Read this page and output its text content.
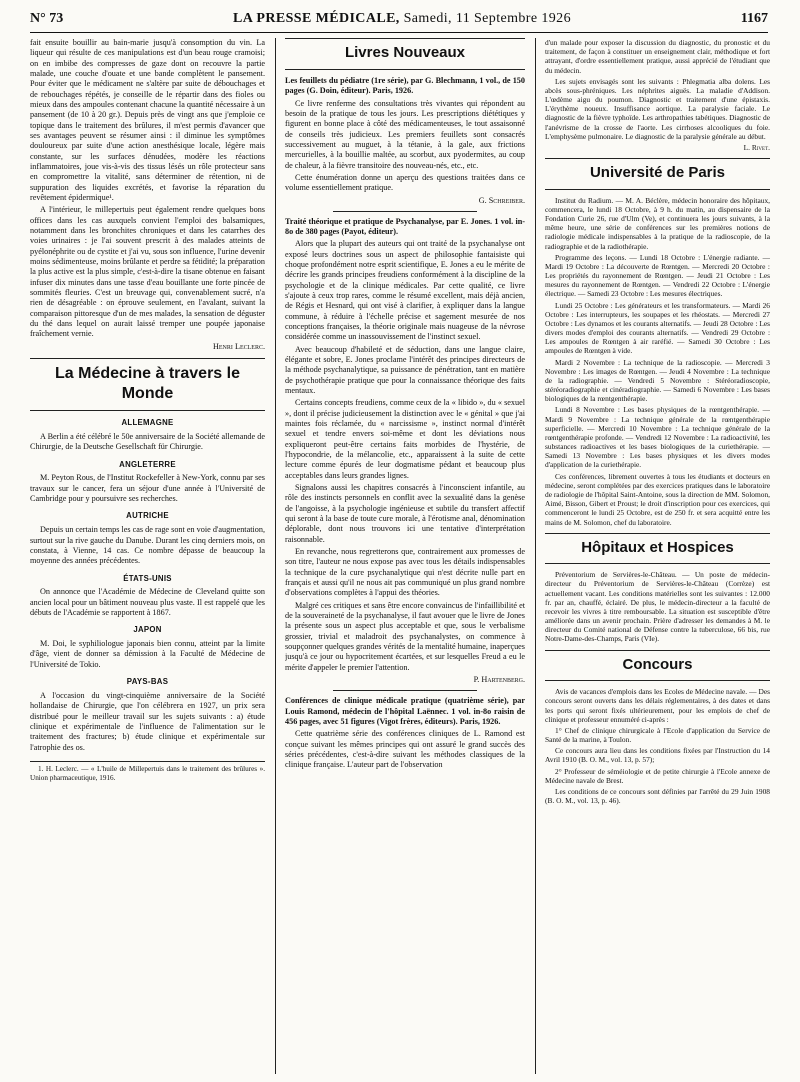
N° 73	LA PRESSE MÉDICALE, Samedi, 11 Septembre 1926	1167

fait ensuite bouillir au bain-marie jusqu'à consomption du vin. La liqueur qui résulte de ces manipulations est d'un beau rouge cramoisi; on en imbibe des compresses de gaze dont on recouvre la partie malade, une couche d'ouate et une bande complètent le pansement. Pour éviter que le médicament ne s'altère par suite de débouchages et de rebouchages répétés, je conseille de le répartir dans des fioles ou mieux dans des ampoules contenant chacune la quantité nécessaire à un pansement (de 10 à 20 gr.). Depuis près de vingt ans que j'emploie ce topique dans le traitement des brûlures, il m'est permis d'avancer que ses avantages peuvent se résumer ainsi : il diminue les symptômes douloureux par suite d'une action anesthésique locale, légère mais constante, sur les surfaces dénudées, modère les réactions inflammatoires, joue vis-à-vis des tissus lésés un rôle protecteur sans en compromettre la vitalité, sans déterminer de rétention, ni de suppuration des liquides excrétés, et favorise la réparation du revêtement épidermique¹.

A l'intérieur, le millepertuis peut également rendre quelques bons offices dans les cas auxquels convient l'emploi des balsamiques, notamment dans les bronchites chroniques et dans les catarrhes des voies urinaires : je l'ai souvent prescrit à des malades atteints de pyélonéphrite ou de cystite et j'ai vu, sous son influence, l'urine devenir moins sédimenteuse, moins brûlante et perdre sa fétidité; la préparation la plus active est la plus simple, c'est-à-dire la tisane obtenue en faisant infuser dix minutes dans une tasse d'eau bouillante une forte pincée de sommités fleuries. C'est un breuvage qui, convenablement sucré, n'a rien de désagréable : on éprouve seulement, en l'avalant, suivant la comparaison pittoresque d'un de mes malades, la sensation de déguster du thé dans lequel on aurait laissé tremper une poupée japonaise fraîchement vernie.

Henri Leclerc.
La Médecine à travers le Monde
ALLEMAGNE

A Berlin a été célébré le 50e anniversaire de la Société allemande de Chirurgie, de la Deutsche Gesellschaft für Chirurgie.

ANGLETERRE

M. Peyton Rous, de l'Institut Rockefeller à New-York, connu par ses travaux sur le cancer, fera un séjour d'une année à l'Université de Cambridge pour y poursuivre ses recherches.

AUTRICHE

Depuis un certain temps les cas de rage sont en voie d'augmentation, surtout sur la rive gauche du Danube. Durant les cinq derniers mois, on constata, à Vienne, 14 cas. Ce nombre dépasse de beaucoup la moyenne des années précédentes.

ÉTATS-UNIS

On annonce que l'Académie de Médecine de Cleveland quitte son ancien local pour un bâtiment nouveau plus vaste. Il est rappelé que les débuts de l'Académie se rapportent à 1867.

JAPON

M. Doi, le syphiliologue japonais bien connu, atteint par la limite d'âge, vient de donner sa démission à la Faculté de Médecine de l'Université de Tokio.

PAYS-BAS

A l'occasion du vingt-cinquième anniversaire de la Société hollandaise de Chirurgie, que l'on célébrera en 1927, un prix sera distribué pour le meilleur travail sur les sujets suivants : a) étude clinique et expérimentale de l'influence de l'alimentation sur le traitement des fractures; b) étude clinique et expérimentale sur l'atrophie des os.

1. H. Leclerc. — « L'huile de Millepertuis dans le traitement des brûlures ». Union pharmaceutique, 1916.
Livres Nouveaux

Les feuillets du pédiatre (1re série), par G. Blechmann, 1 vol., de 150 pages (G. Doin, éditeur). Paris, 1926.

Ce livre renferme des consultations très vivantes qui répondent au besoin de la pratique de tous les jours. Les prescriptions diététiques y figurent en bonne place à côté des médicamenteuses, le tout assaisonné de conseils très judicieux. Les premiers feuillets sont consacrés successivement au muguet, à la tétanie, à la gale, aux frictions mercurielles, à la bouillie maltée, au scorbut, aux pyodermites, au coup de chaleur, à la fièvre transitoire des nouveau-nés, etc., etc.

Cette énumération donne un aperçu des questions traitées dans ce volume essentiellement pratique.

G. Schreiber.

Traité théorique et pratique de Psychanalyse, par E. Jones. 1 vol. in-8o de 380 pages (Payot, éditeur).

Alors que la plupart des auteurs qui ont traité de la psychanalyse ont exposé leurs doctrines sous un aspect de philosophie fantaisiste qui choque profondément notre esprit scientifique, E. Jones a eu le mérite de décrire les grands principes freudiens conformément à la discipline de la psychologie et de la clinique médicales. Par cette qualité, ce livre s'ajoute à ceux trop rares, comme le résumé excellent, mais déjà ancien, de Régis et Hesnard, qui ont visé à clarifier, à expliquer dans la langue commune, à réduire à l'échelle précise et sagement mesurée de nos conceptions françaises, la théorie originale mais nuageuse de la névrose considérée comme un inassouvissement de l'instinct sexuel.

Avec beaucoup d'habileté et de séduction, dans une langue claire, élégante et sobre, E. Jones proclame l'intérêt des principes directeurs de la méthode psychanalytique, sa puissance de pénétration, tant en matière de psychothérapie pratique que pour la connaissance théorique des faits mentaux.

Certains concepts freudiens, comme ceux de la « libido », du « sexuel », dont il précise judicieusement la distinction avec le « génital » que j'ai maintes fois réclamée, du « narcissisme », instinct normal d'intérêt sexuel et tendre envers soi-même et dont les déviations nous expliqueront peut-être certains faits morbides de l'hystérie, de l'hypocondrie, de la mélancolie, etc., apparaissent à la suite de cette lecture comme épurés de leur dogmatisme pédant et beaucoup plus acceptables dans leurs grandes lignes.

Signalons aussi les chapitres consacrés à l'inconscient infantile, au rôle des instincts personnels en conflit avec la sexualité dans la genèse de l'angoisse, à la psychologie ingénieuse et subtile du transfert affectif qui seront à la base de toute cure morale, à l'érotisme anal, dénomination déplorable, dont nous trouvons ici une tentative d'interprétation raisonnable.

En revanche, nous regretterons que, contrairement aux promesses de son titre, l'auteur ne nous expose pas avec tous les détails indispensables la technique de la cure psychanalytique qui n'est décrite nulle part en français et aussi qu'il ne nous ait pas communiqué un plus grand nombre d'observations complètes à l'appui des théories.

Malgré ces critiques et sans être encore convaincus de l'infaillibilité et de la souveraineté de la psychanalyse, il faut avouer que le livre de Jones la présente sous un aspect plus acceptable et que, sous le verbalisme grossier, trivial et maladroit des psychanalystes, on commence à soupçonner quelques grandes vérités de la mentalité humaine, inaperçues jusqu'à ce jour ou hypocritement écartées, et sur lesquelles Freud a eu le mérite d'appeler le premier l'attention.

P. Hartenberg.

Conférences de clinique médicale pratique (quatrième série), par Louis Ramond, médecin de l'hôpital Laënnec. 1 vol. in-8o raisin de 456 pages, avec 51 figures (Vigot frères, éditeurs). Paris, 1926.

Cette quatrième série des conférences cliniques de L. Ramond est conçue suivant les mêmes principes qui ont assuré le grand succès des séries précédentes, c'est-à-dire suivant les méthodes classiques de la clinique française. L'auteur part de l'observation

d'un malade pour exposer la discussion du diagnostic, du pronostic et du traitement, de façon à constituer un enseignement clair, méthodique et fort attrayant, d'ordre essentiellement pratique, aussi apprécié de l'étudiant que du médecin.

Les sujets envisagés sont les suivants : Phlegmatia alba dolens. Les abcès sous-phréniques. Les néphrites aiguës. La maladie d'Addison. L'œdème aigu du poumon. Diagnostic et traitement d'une épistaxis. L'érythème noueux. Insuffisance aortique. La paralysie faciale. Le diagnostic de la fièvre typhoïde. Les arthropathies tabétiques. Diagnostic de l'anévrisme de la crosse de l'aorte. Les cirrhoses alcooliques du foie. L'emphysème pulmonaire. Le diagnostic de la paralysie générale au début.

L. Rivet.
Université de Paris

Institut du Radium. — M. A. Béclère, médecin honoraire des hôpitaux, commencera, le lundi 18 Octobre, à 9 h. du matin, au dispensaire de la Fondation Curie 26, rue d'Ulm (Ve), et continuera les jours suivants, à la même heure, une série de conférences sur les premières notions de radiologie médicale indispensables à la pratique de la radioscopie, de la radiographie et de la radiothérapie.

Programme des leçons. — Lundi 18 Octobre : L'énergie radiante. — Mardi 19 Octobre : La découverte de Rœntgen. — Mercredi 20 Octobre : Les propriétés du rayonnement de Rœntgen. — Jeudi 21 Octobre : Les mesures du rayonnement de Rœntgen. — Vendredi 22 Octobre : L'énergie électrique. — Samedi 23 Octobre : Les mesures électriques.

Lundi 25 Octobre : Les générateurs et les transformateurs. — Mardi 26 Octobre : Les interrupteurs, les soupapes et les rhéostats. — Mercredi 27 Octobre : Les dynamos et les courants alternatifs. — Jeudi 28 Octobre : Les divers modes d'emploi des courants alternatifs. — Vendredi 29 Octobre : Les ampoules de Rœntgen à air raréfié. — Samedi 30 Octobre : Les ampoules de Rœntgen à vide.

Mardi 2 Novembre : La technique de la radioscopie. — Mercredi 3 Novembre : Les images de Rœntgen. — Jeudi 4 Novembre : La technique de la radiographie. — Vendredi 5 Novembre : Stéréoradioscopie, stéréoradiographie et cinéradiographie. — Samedi 6 Novembre : Les bases biologiques de la rœntgenthérapie.

Lundi 8 Novembre : Les bases physiques de la rœntgenthérapie. — Mardi 9 Novembre : La technique générale de la rœntgenthérapie superficielle. — Mercredi 10 Novembre : La technique générale de la rœntgenthérapie profonde. — Vendredi 12 Novembre : La radioactivité, les substances radioactives et les bases biologiques de la curiethérapie. — Samedi 13 Novembre : Les bases physiques et les divers modes d'application de la curiethérapie.

Ces conférences, librement ouvertes à tous les étudiants et docteurs en médecine, seront complétées par des exercices pratiques dans le laboratoire de radiologie de l'hôpital Saint-Antoine, sous la direction de MM. Solomon, Aimé, Bisson, Gibert et Proust; le droit d'inscription pour ces exercices, qui commenceront le lundi 25 Octobre, est de 250 fr. et sera acquitté entre les mains de M. Solomon, chef du laboratoire.

Hôpitaux et Hospices

Préventorium de Servières-le-Château. — Un poste de médecin-directeur du Préventorium de Servières-le-Château (Corrèze) est actuellement vacant. Les conditions matérielles sont les suivantes : 12.000 fr. par an, chauffé, éclairé. De plus, le médecin-directeur a la faculté de recevoir les vivres à titre remboursable. La situation est susceptible d'être améliorée dans un avenir prochain. Prière d'adresser les demandes à M. le directeur du Comité national de Défense contre la tuberculose, 66 bis, rue Notre-Dame-des-Champs, Paris (VIe).

Concours

Avis de vacances d'emplois dans les Ecoles de Médecine navale. — Des concours seront ouverts dans les délais réglementaires, à des dates et dans les ports qui seront fixés ultérieurement, pour les emplois de chef de clinique et professeur ennuméré ci-après :

1° Chef de clinique chirurgicale à l'Ecole d'application du Service de Santé de la marine, à Toulon.

Ce concours aura lieu dans les conditions fixées par l'Instruction du 14 Avril 1910 (B. O. M., vol. 13, p. 57);

2° Professeur de séméiologie et de petite chirurgie à l'Ecole annexe de Médecine navale de Brest.

Les conditions de ce concours sont définies par l'arrêté du 29 Juin 1908 (B. O. M., vol. 13, p. 46).
